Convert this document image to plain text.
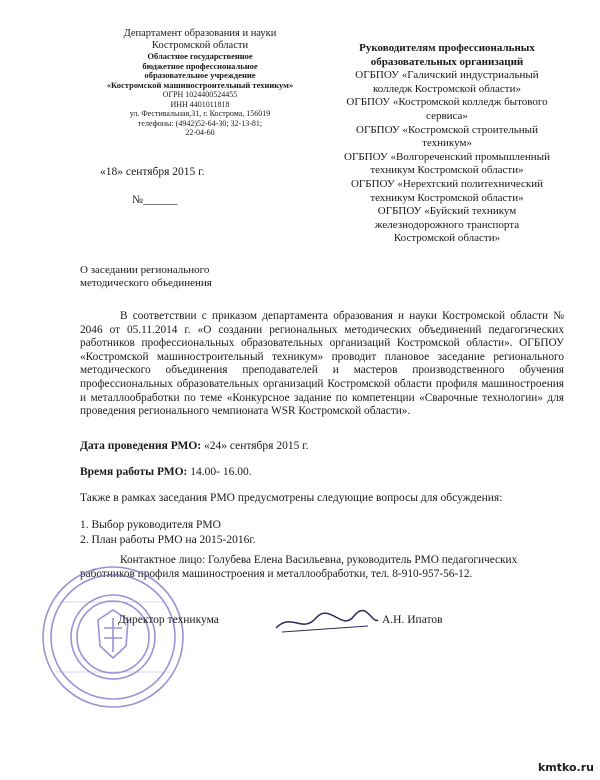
Департамент образования и науки
Костромской области
Областное государственное
бюджетное профессиональное
образовательное учреждение
«Костромской машиностроительный техникум»
ОГРН 1024400524455
ИНН 4401011818
ул. Фестивальная,31, г. Кострома, 156019
телефоны: (4942)52-64-30; 32-13-81;
22-04-60
«18» сентября 2015 г.
№______
Руководителям профессиональных
образовательных организаций
ОГБПОУ «Галичский индустриальный
колледж Костромской области»
ОГБПОУ «Костромской колледж бытового
сервиса»
ОГБПОУ «Костромской строительный
техникум»
ОГБПОУ «Волгореченский промышленный
техникум Костромской области»
ОГБПОУ «Нерехтский политехнический
техникум Костромской области»
ОГБПОУ «Буйский техникум
железнодорожного транспорта
Костромской области»
О заседании регионального
методического объединения

В соответствии с приказом департамента образования и науки Костромской области № 2046 от 05.11.2014 г. «О создании региональных методических объединений педагогических работников профессиональных образовательных организаций Костромской области». ОГБПОУ «Костромской машиностроительный техникум» проводит плановое заседание регионального методического объединения преподавателей и мастеров производственного обучения профессиональных образовательных организаций Костромской области профиля машиностроения и металлообработки по теме «Конкурсное задание по компетенции «Сварочные технологии» для проведения регионального чемпионата WSR Костромской области».

Дата проведения РМО: «24» сентября 2015 г.
Время работы РМО: 14.00- 16.00.
Также в рамках заседания РМО предусмотрены следующие вопросы для обсуждения:
1. Выбор руководителя РМО
2. План работы РМО на 2015-2016г.

Контактное лицо: Голубева Елена Васильевна, руководитель РМО педагогических работников профиля машиностроения и металлообработки, тел. 8-910-957-56-12.

Директор техникума	А.Н. Ипатов
kmtko.ru
